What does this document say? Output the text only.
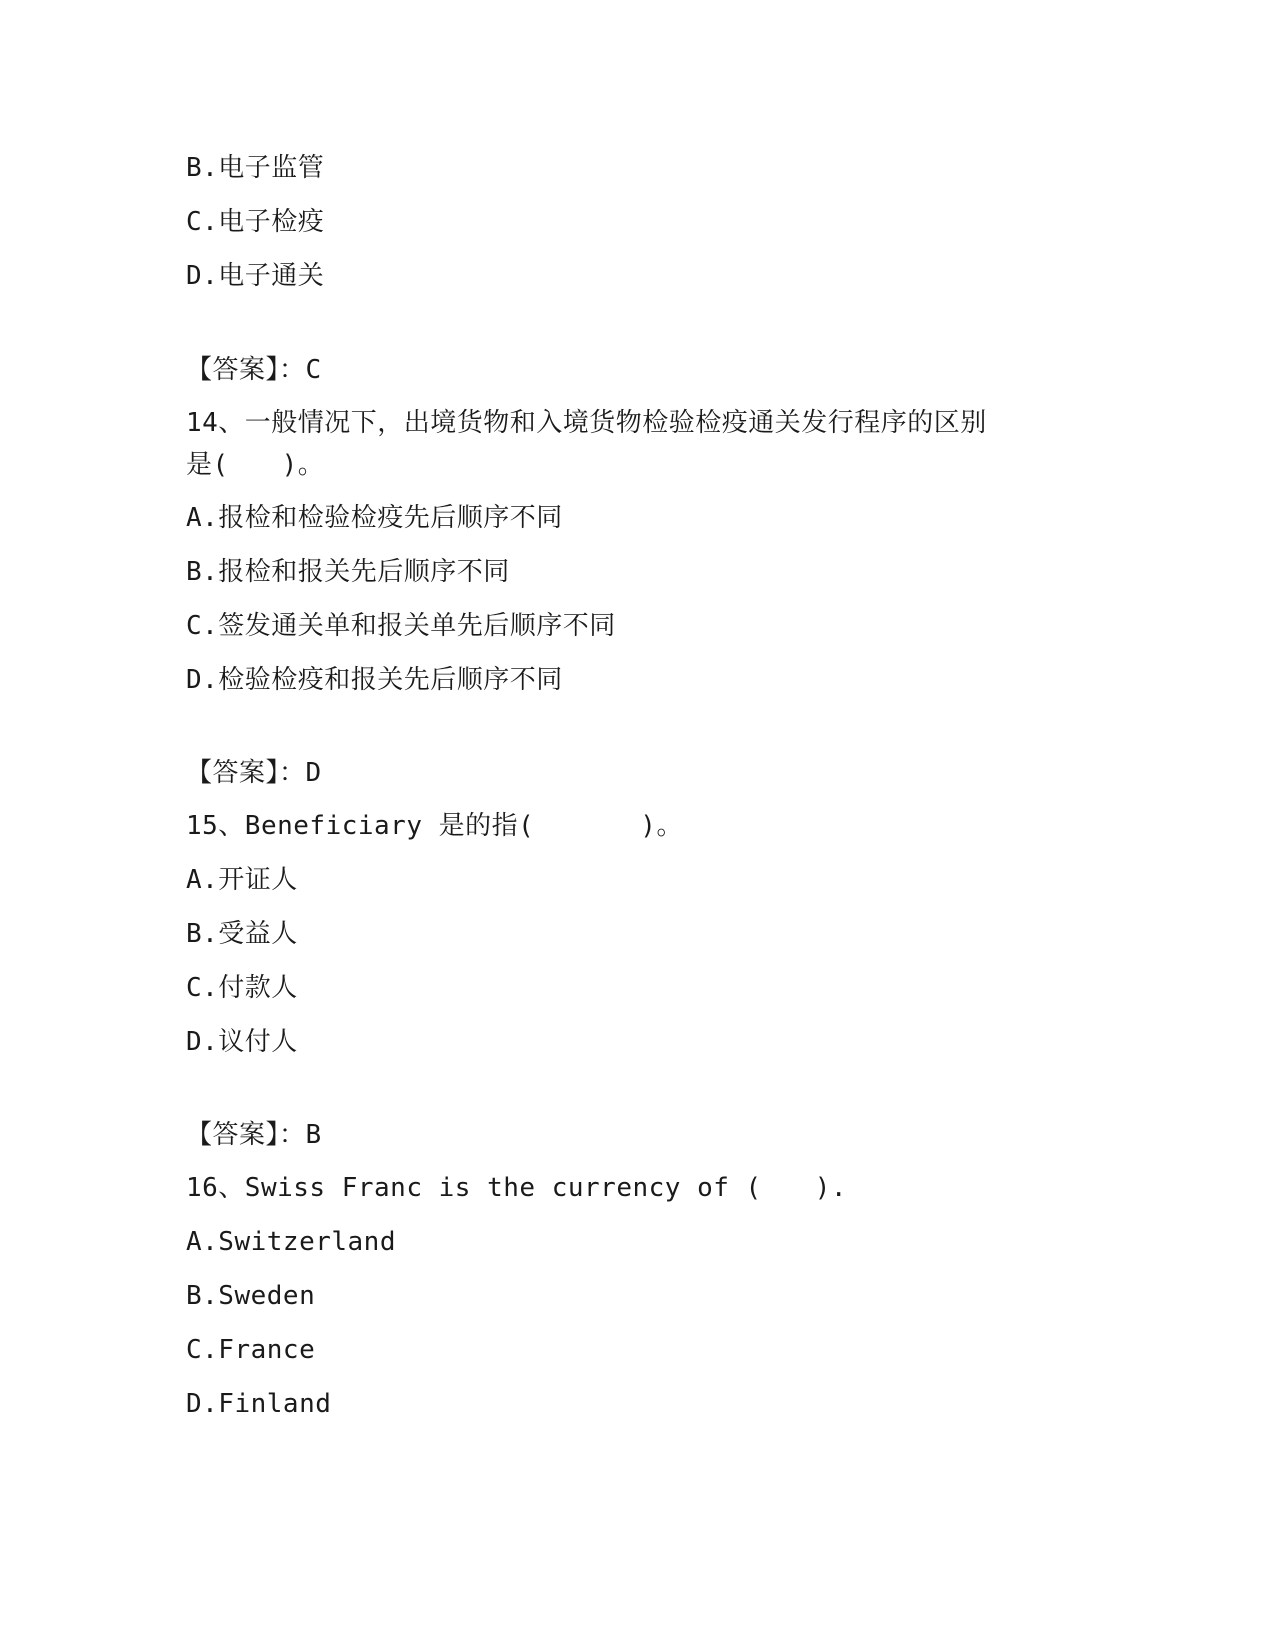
B.电子监管
C.电子检疫
D.电子通关
【答案】：C
14、一般情况下，出境货物和入境货物检验检疫通关发行程序的区别
是(　　)。
A.报检和检验检疫先后顺序不同
B.报检和报关先后顺序不同
C.签发通关单和报关单先后顺序不同
D.检验检疫和报关先后顺序不同
【答案】：D
15、Beneficiary 是的指(　　　　)。
A.开证人
B.受益人
C.付款人
D.议付人
【答案】：B
16、Swiss Franc is the currency of (　　).
A.Switzerland
B.Sweden
C.France
D.Finland
